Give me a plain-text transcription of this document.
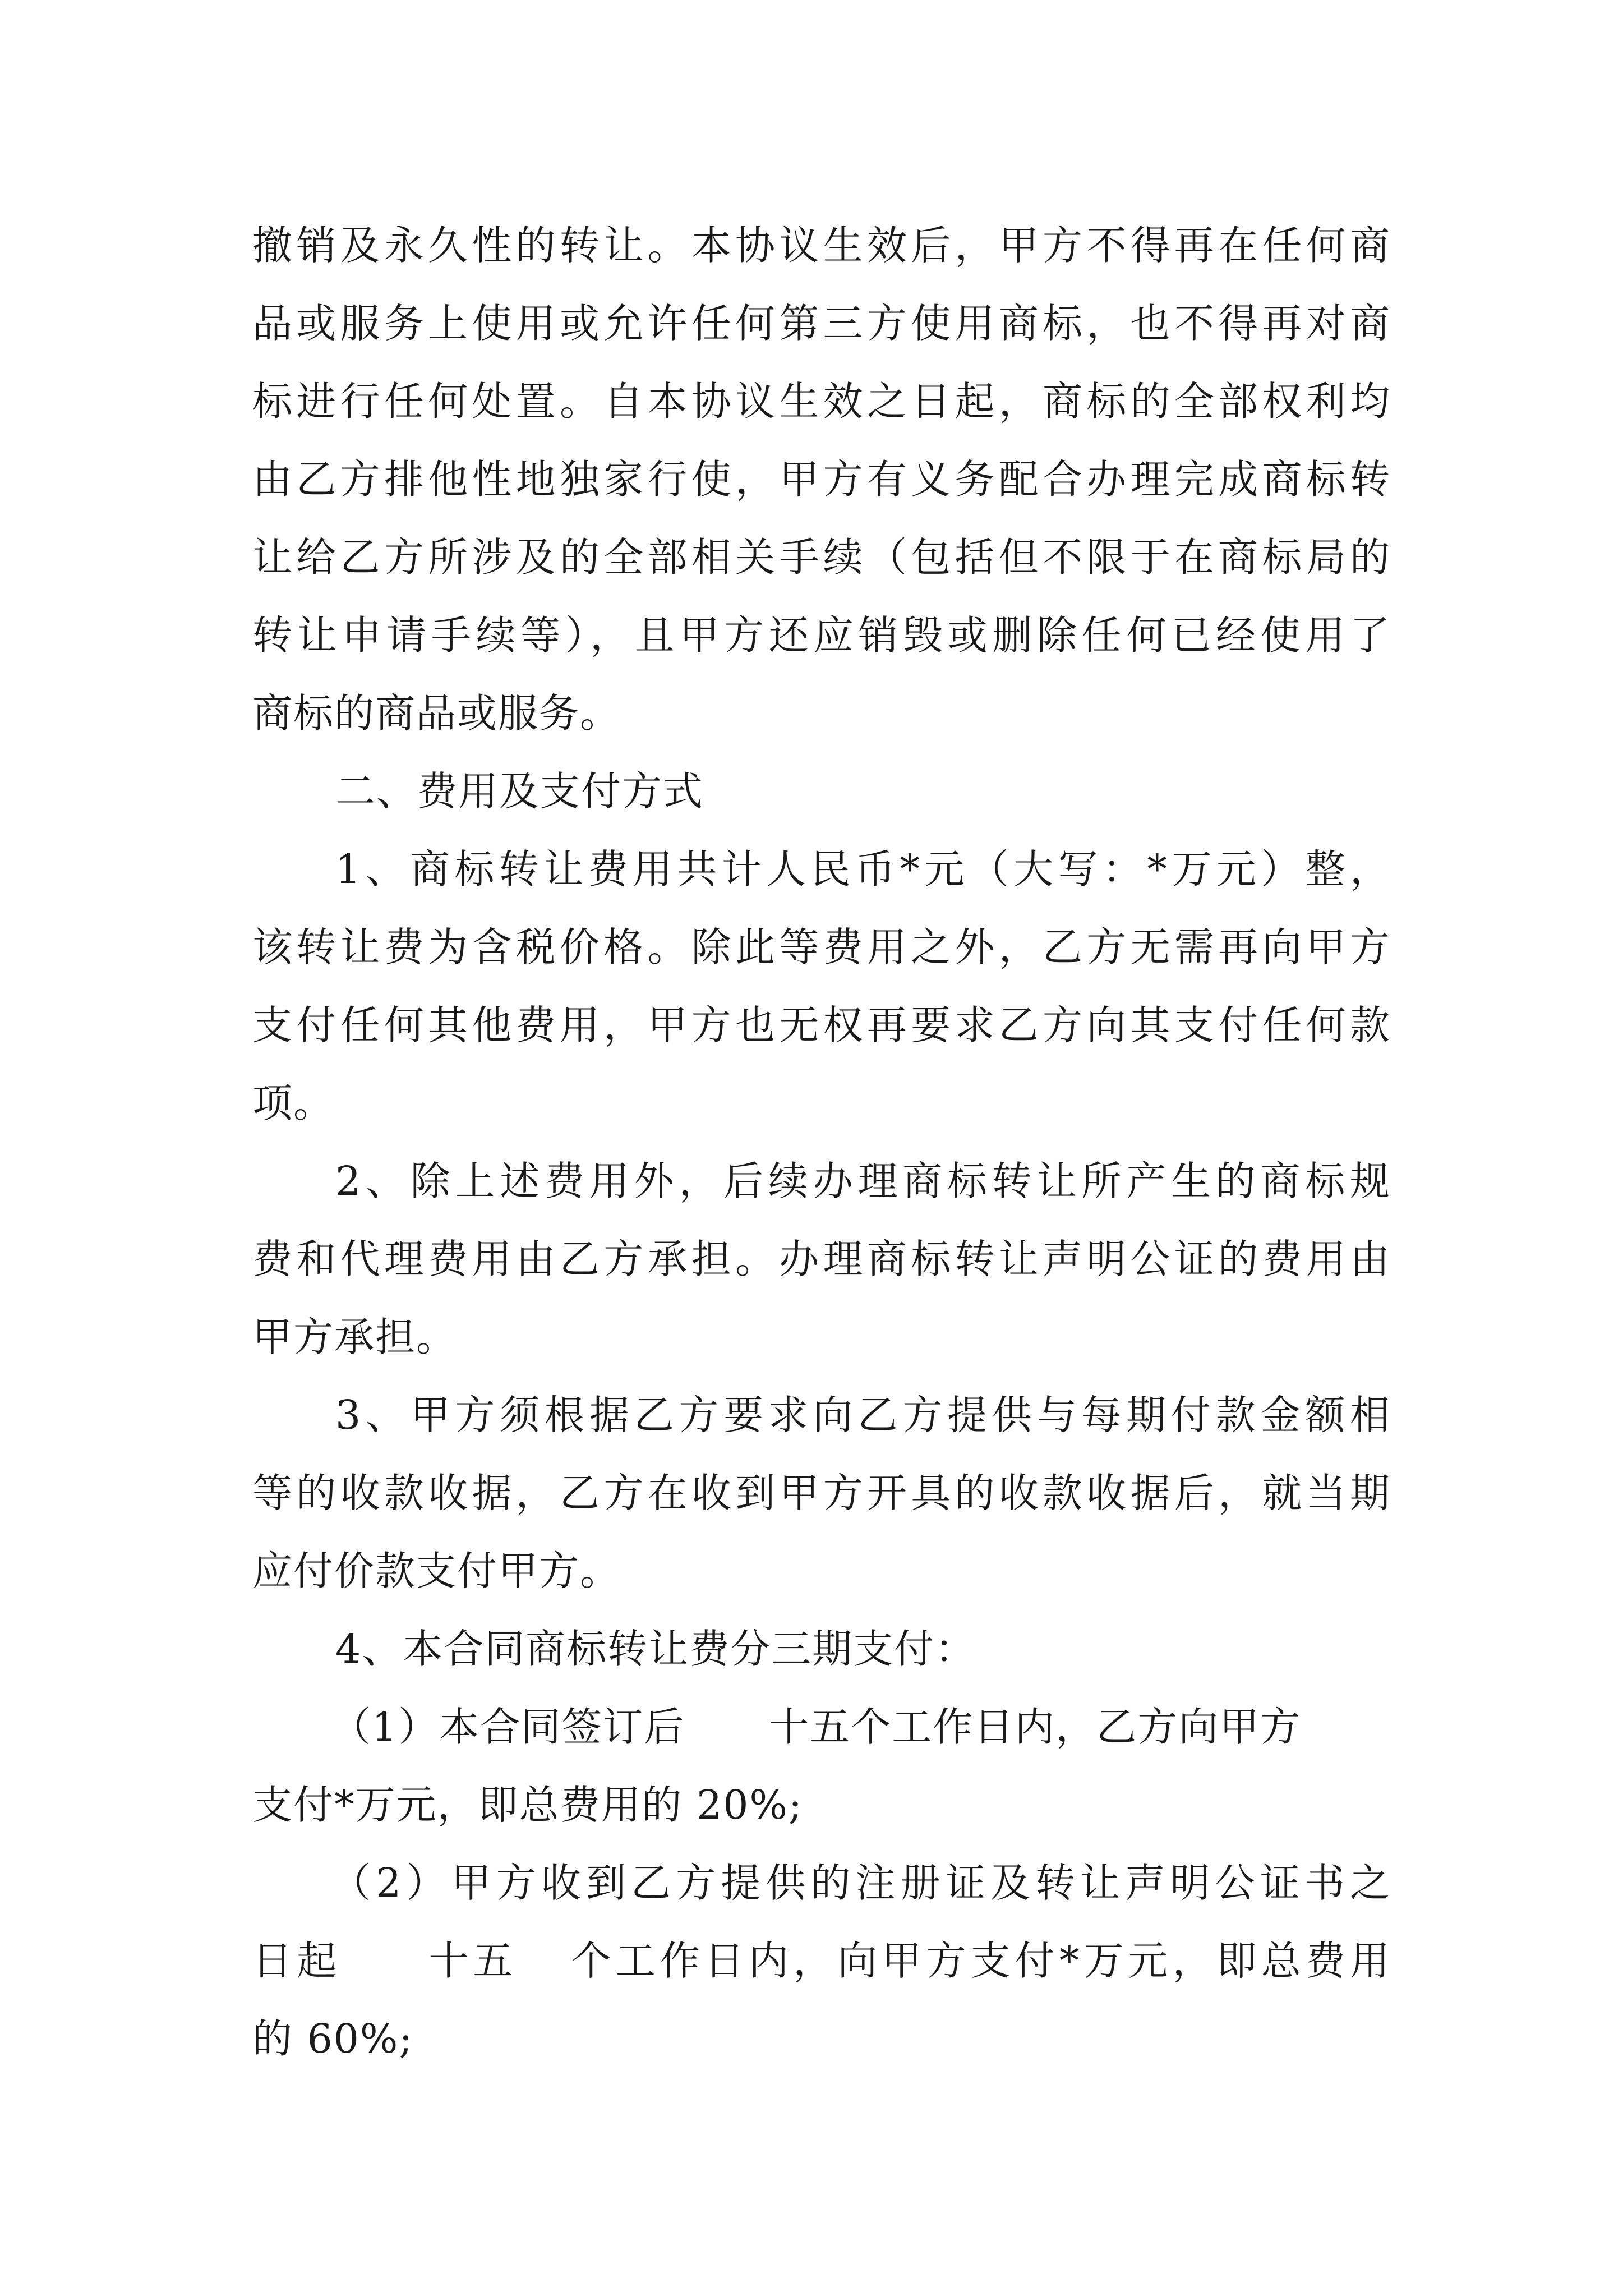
撤销及永久性的转让。本协议生效后，甲方不得再在任何商
品或服务上使用或允许任何第三方使用商标，也不得再对商
标进行任何处置。自本协议生效之日起，商标的全部权利均
由乙方排他性地独家行使，甲方有义务配合办理完成商标转
让给乙方所涉及的全部相关手续（包括但不限于在商标局的
转让申请手续等），且甲方还应销毁或删除任何已经使用了
商标的商品或服务。
二、费用及支付方式
1、商标转让费用共计人民币*元（大写：*万元）整，
该转让费为含税价格。除此等费用之外，乙方无需再向甲方
支付任何其他费用，甲方也无权再要求乙方向其支付任何款
项。
2、除上述费用外，后续办理商标转让所产生的商标规
费和代理费用由乙方承担。办理商标转让声明公证的费用由
甲方承担。
3、甲方须根据乙方要求向乙方提供与每期付款金额相
等的收款收据，乙方在收到甲方开具的收款收据后，就当期
应付价款支付甲方。
4、本合同商标转让费分三期支付：
（1）本合同签订后 十五个工作日内，乙方向甲方
支付*万元，即总费用的 20%;
（2）甲方收到乙方提供的注册证及转让声明公证书之
日起 十五 个工作日内，向甲方支付*万元，即总费用
的 60%;
